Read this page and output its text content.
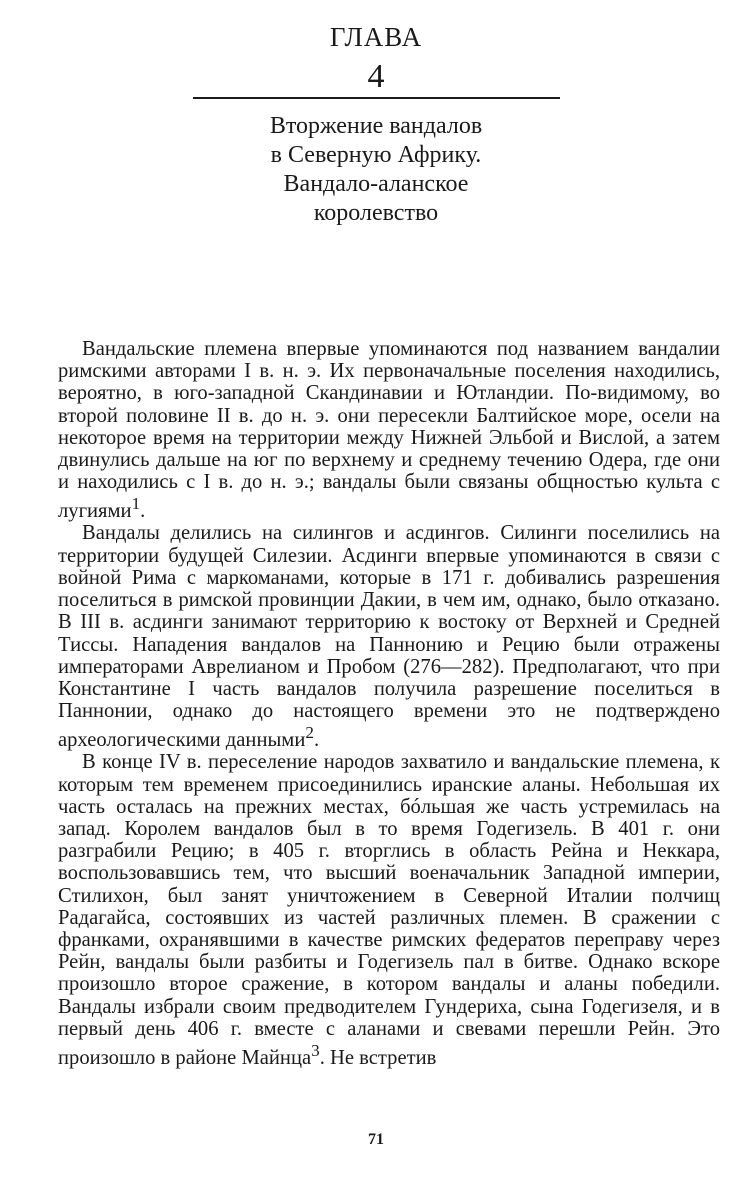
ГЛАВА
4
Вторжение вандалов
в Северную Африку.
Вандало-аланское
королевство

Вандальские племена впервые упоминаются под названием вандалии римскими авторами I в. н. э. Их первоначальные поселения находились, вероятно, в юго-западной Скандинавии и Ютландии. По-видимому, во второй половине II в. до н. э. они пересекли Балтийское море, осели на некоторое время на территории между Нижней Эльбой и Вислой, а затем двинулись дальше на юг по верхнему и среднему течению Одера, где они и находились с I в. до н. э.; вандалы были связаны общностью культа с лугиями$^1$.

Вандалы делились на силингов и асдингов. Силинги поселились на территории будущей Силезии. Асдинги впервые упоминаются в связи с войной Рима с маркоманами, которые в 171 г. добивались разрешения поселиться в римской провинции Дакии, в чем им, однако, было отказано. В III в. асдинги занимают территорию к востоку от Верхней и Средней Тиссы. Нападения вандалов на Паннонию и Рецию были отражены императорами Аврелианом и Пробом (276—282). Предполагают, что при Константине I часть вандалов получила разрешение поселиться в Паннонии, однако до настоящего времени это не подтверждено археологическими данными$^2$.

В конце IV в. переселение народов захватило и вандальские племена, к которым тем временем присоединились иранские аланы. Небольшая их часть осталась на прежних местах, бóльшая же часть устремилась на запад. Королем вандалов был в то время Годегизель. В 401 г. они разграбили Рецию; в 405 г. вторглись в область Рейна и Неккара, воспользовавшись тем, что высший военачальник Западной империи, Стилихон, был занят уничтожением в Северной Италии полчищ Радагайса, состоявших из частей различных племен. В сражении с франками, охранявшими в качестве римских федератов переправу через Рейн, вандалы были разбиты и Годегизель пал в битве. Однако вскоре произошло второе сражение, в котором вандалы и аланы победили. Вандалы избрали своим предводителем Гундериха, сына Годегизеля, и в первый день 406 г. вместе с аланами и свевами перешли Рейн. Это произошло в районе Майнца$^3$. Не встретив

71
